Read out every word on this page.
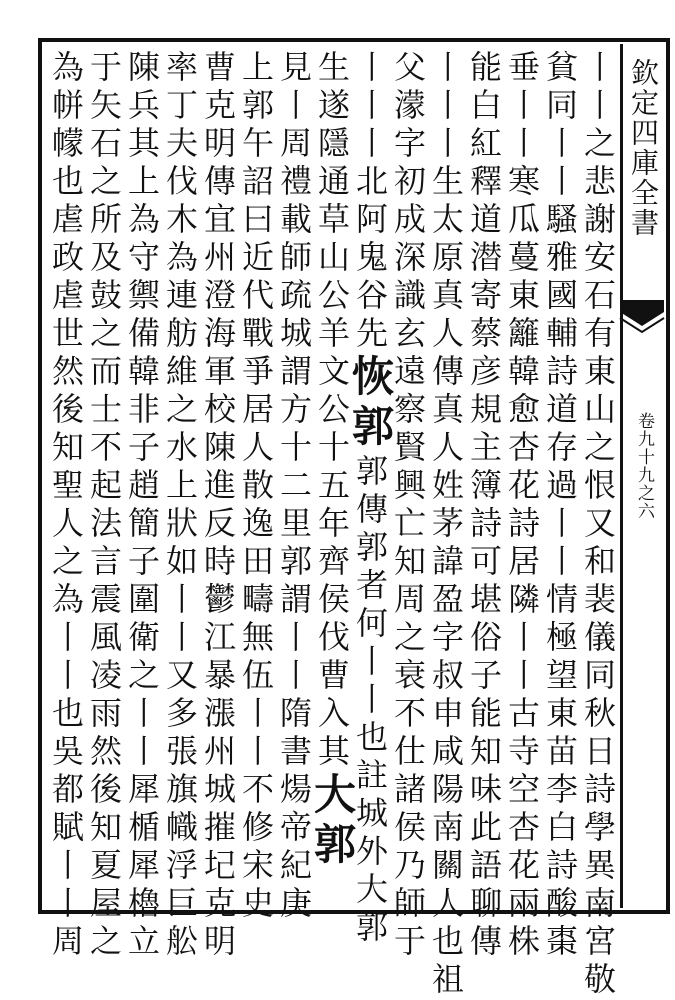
欽定四庫全書
卷九十九之六
丨丨之悲謝安石有東山之恨又和裴儀同秋日詩學異南宮敬
貧同丨丨騷雅國輔詩道存過丨丨情極望東苗李白詩酸棗
垂丨丨寒瓜蔓東籬韓愈杏花詩居隣丨丨古寺空杏花兩株
能白紅釋道潜寄蔡彦規主簿詩可堪俗子能知味此語聊傳
丨丨丨生太原真人傳真人姓茅諱盈字叔申咸陽南關人也祖
父濛字初成深識玄遠察賢興亡知周之衰不仕諸侯乃師于
丨丨丨北阿鬼谷先恢郭郭傳郭者何丨丨也註城外大郭
生遂隱通草山公羊文公十五年齊侯伐曹入其大郭
見丨周禮載師疏城謂方十二里郭謂丨丨隋書煬帝紀庚
上郭午詔曰近代戰爭居人散逸田疇無伍丨丨不修宋史
曹克明傳宜州澄海軍校陳進反時鬱江暴漲州城摧圮克明
率丁夫伐木為連舫維之水上狀如丨丨又多張旗幟浮巨舩
陳兵其上為守禦備韓非子趙簡子圍衛之丨丨犀楯犀櫓立
于矢石之所及鼓之而士不起法言震風凌雨然後知夏屋之
為帡幪也虐政虐世然後知聖人之為丨丨也吳都賦丨丨周
